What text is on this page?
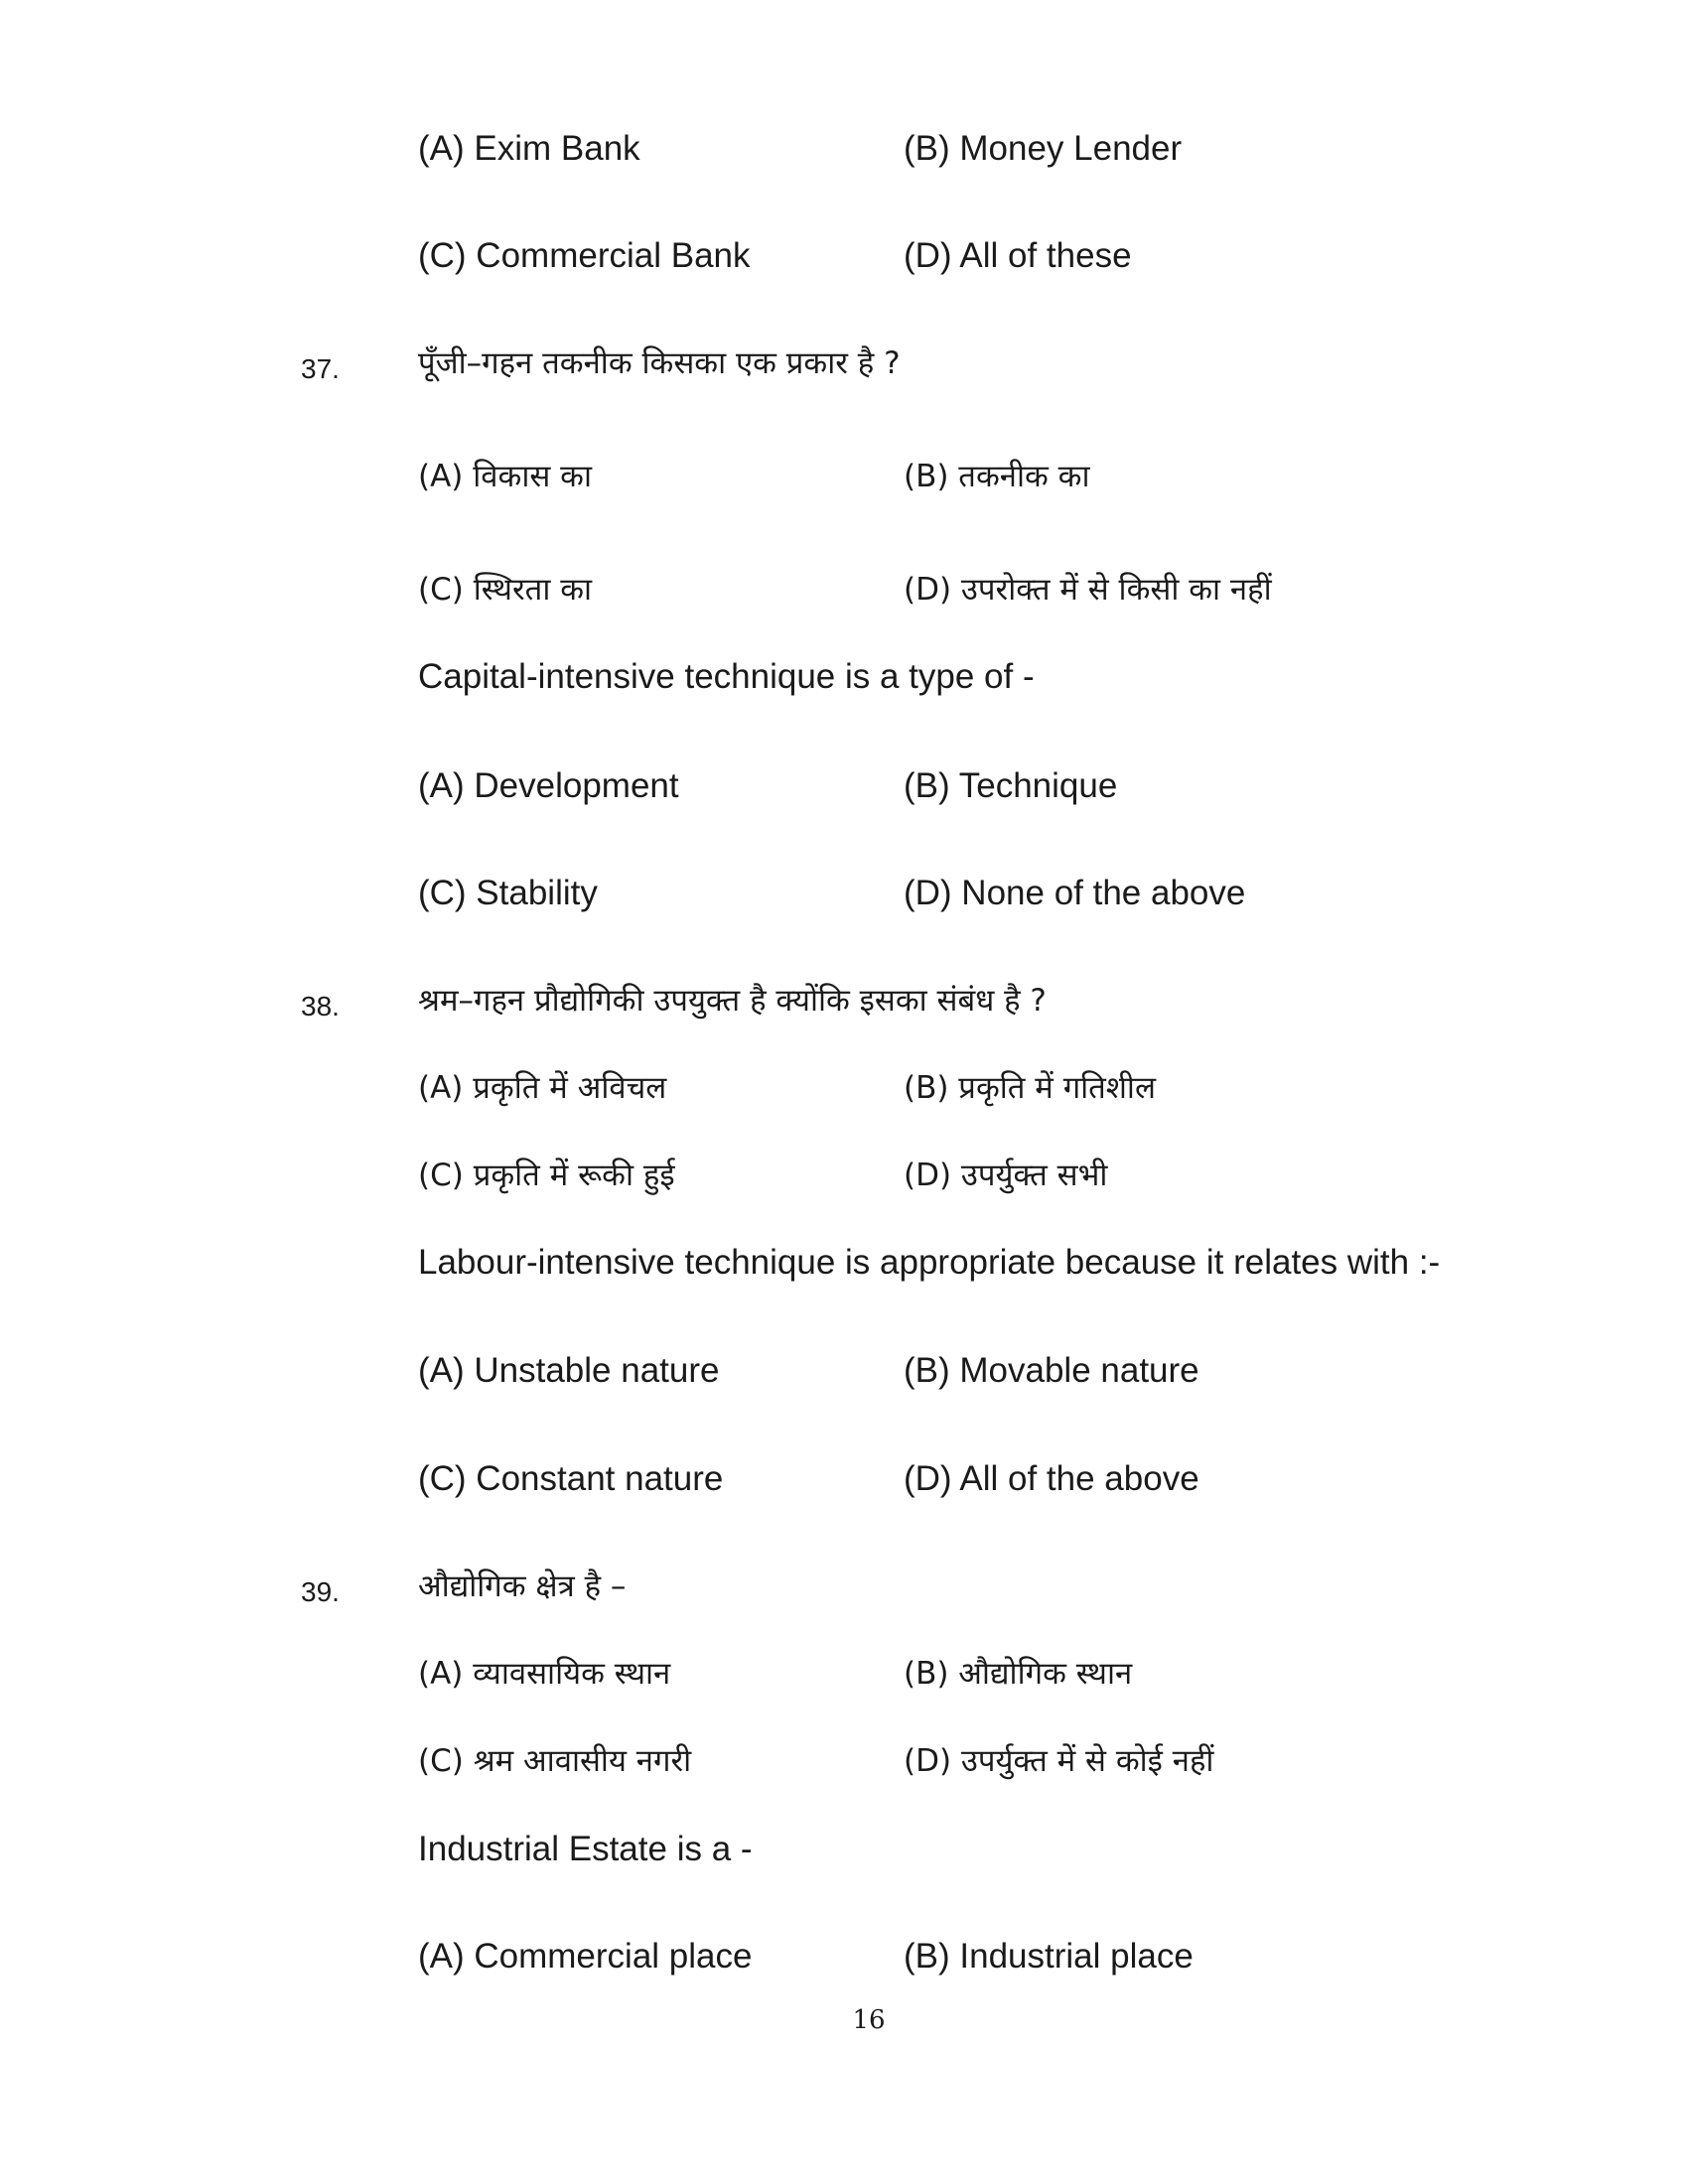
(A) Exim Bank	(B) Money Lender
(C) Commercial Bank	(D) All of these
37.	पूँजी–गहन तकनीक किसका एक प्रकार है ?
(A) विकास का	(B) तकनीक का
(C) स्थिरता का	(D) उपरोक्त में से किसी का नहीं
Capital-intensive technique is a type of -
(A) Development	(B) Technique
(C) Stability	(D) None of the above
38.	श्रम–गहन प्रौद्योगिकी उपयुक्त है क्योंकि इसका संबंध है ?
(A) प्रकृति में अविचल	(B) प्रकृति में गतिशील
(C) प्रकृति में रूकी हुई	(D) उपर्युक्त सभी
Labour-intensive technique is appropriate because it relates with :-
(A) Unstable nature	(B) Movable nature
(C) Constant nature	(D) All of the above
39.	औद्योगिक क्षेत्र है –
(A) व्यावसायिक स्थान	(B) औद्योगिक स्थान
(C) श्रम आवासीय नगरी	(D) उपर्युक्त में से कोई नहीं
Industrial Estate is a -
(A) Commercial place	(B) Industrial place
16
